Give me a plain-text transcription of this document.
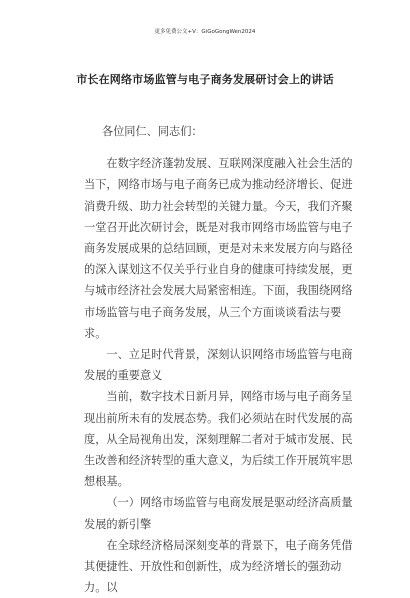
更多免费公文+V：GiGoGongWen2024
市长在网络市场监管与电子商务发展研讨会上的讲话

各位同仁、同志们：

在数字经济蓬勃发展、互联网深度融入社会生活的当下，网络市场与电子商务已成为推动经济增长、促进消费升级、助力社会转型的关键力量。今天，我们齐聚一堂召开此次研讨会，既是对我市网络市场监管与电子商务发展成果的总结回顾，更是对未来发展方向与路径的深入谋划这不仅关乎行业自身的健康可持续发展，更与城市经济社会发展大局紧密相连。下面，我围绕网络市场监管与电子商务发展，从三个方面谈谈看法与要求。

一、立足时代背景，深刻认识网络市场监管与电商发展的重要意义

当前，数字技术日新月异，网络市场与电子商务呈现出前所未有的发展态势。我们必须站在时代发展的高度，从全局视角出发，深刻理解二者对于城市发展、民生改善和经济转型的重大意义，为后续工作开展筑牢思想根基。

（一）网络市场监管与电商发展是驱动经济高质量发展的新引擎

在全球经济格局深刻变革的背景下，电子商务凭借其便捷性、开放性和创新性，成为经济增长的强劲动力。以
